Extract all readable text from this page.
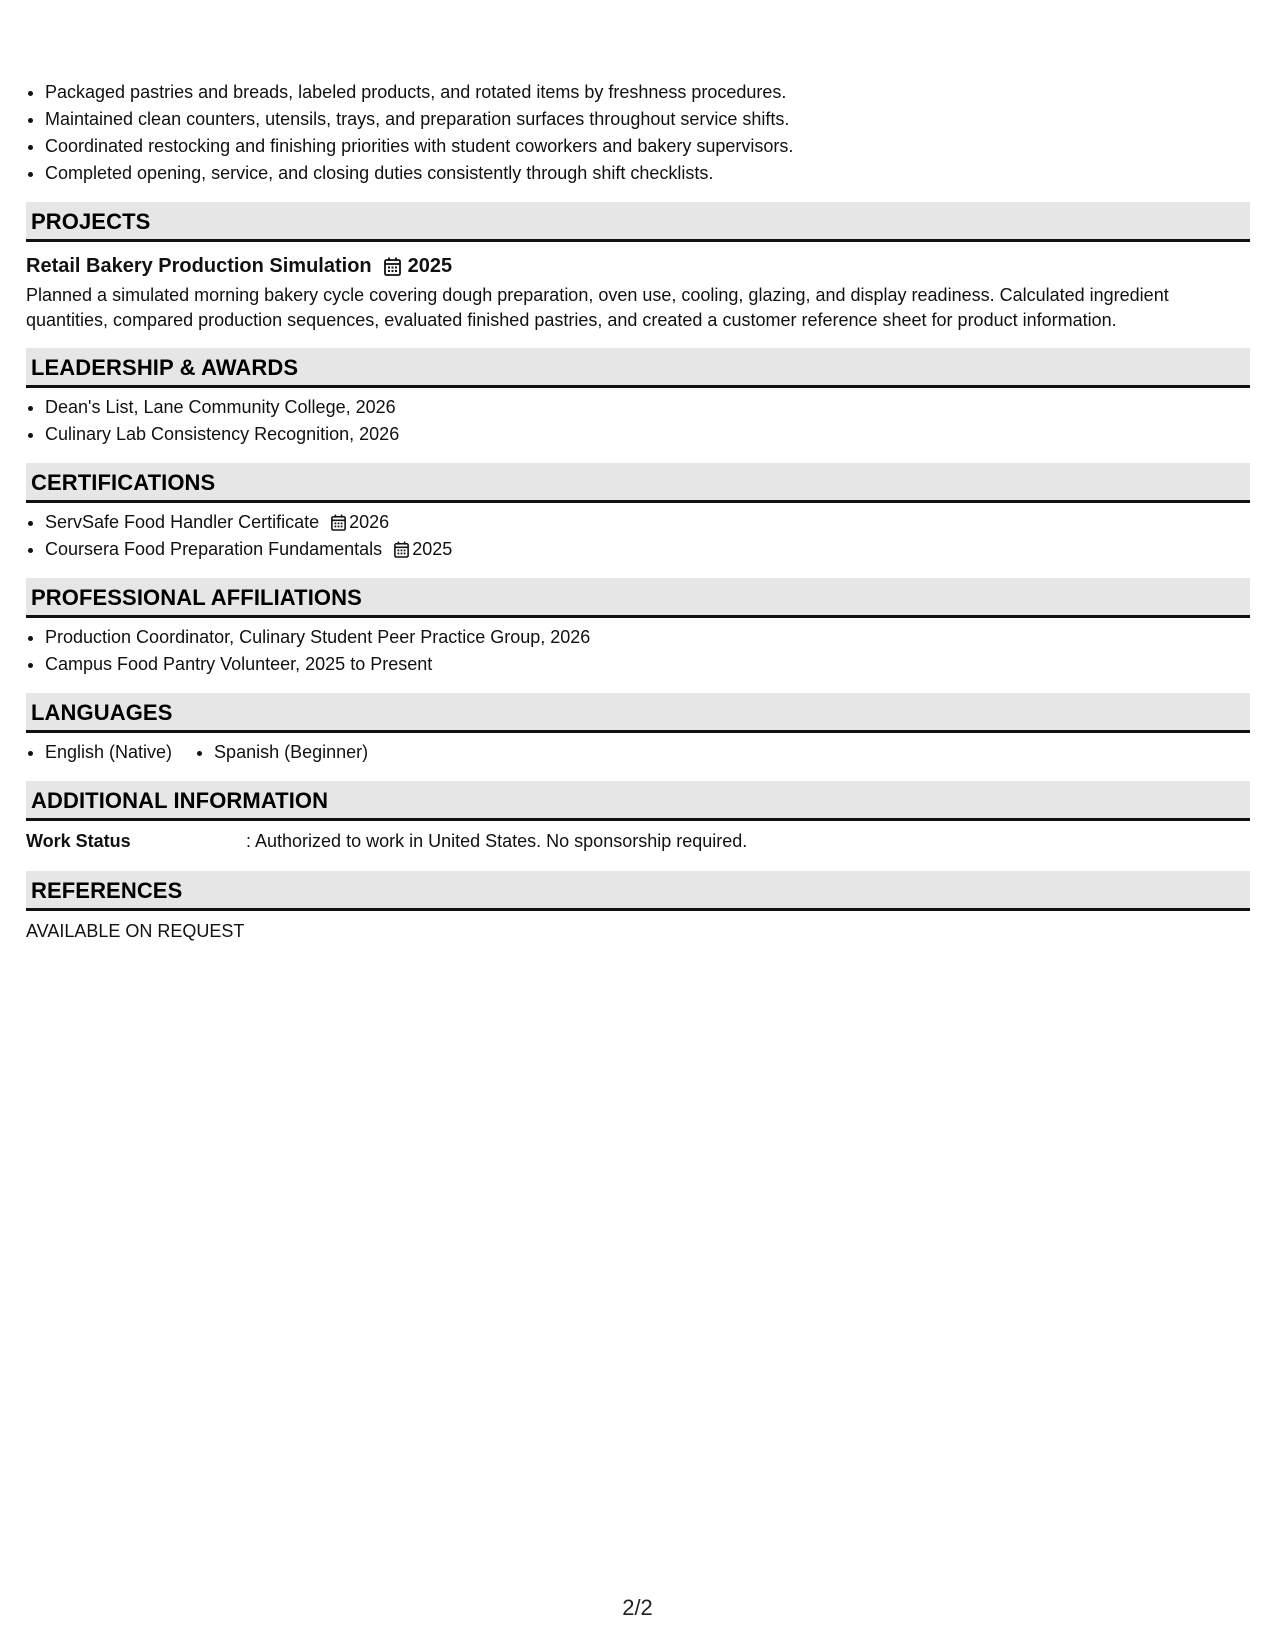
• Packaged pastries and breads, labeled products, and rotated items by freshness procedures.
• Maintained clean counters, utensils, trays, and preparation surfaces throughout service shifts.
• Coordinated restocking and finishing priorities with student coworkers and bakery supervisors.
• Completed opening, service, and closing duties consistently through shift checklists.
PROJECTS
Retail Bakery Production Simulation 2025
Planned a simulated morning bakery cycle covering dough preparation, oven use, cooling, glazing, and display readiness. Calculated ingredient quantities, compared production sequences, evaluated finished pastries, and created a customer reference sheet for product information.
LEADERSHIP & AWARDS
• Dean's List, Lane Community College, 2026
• Culinary Lab Consistency Recognition, 2026
CERTIFICATIONS
• ServSafe Food Handler Certificate 2026
• Coursera Food Preparation Fundamentals 2025
PROFESSIONAL AFFILIATIONS
• Production Coordinator, Culinary Student Peer Practice Group, 2026
• Campus Food Pantry Volunteer, 2025 to Present
LANGUAGES
• English (Native)
• Spanish (Beginner)
ADDITIONAL INFORMATION
Work Status	: Authorized to work in United States. No sponsorship required.
REFERENCES
AVAILABLE ON REQUEST
2/2
